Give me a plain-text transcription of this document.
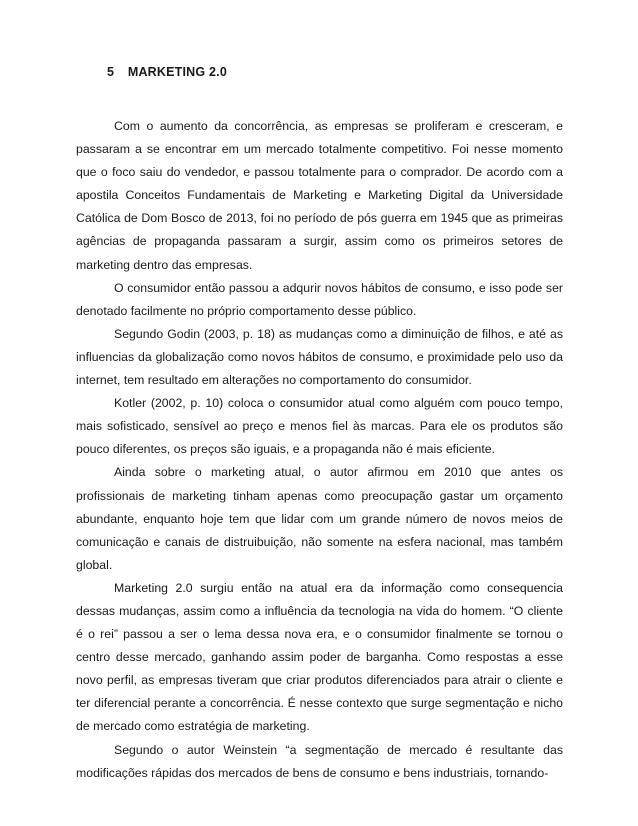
5 MARKETING 2.0

Com o aumento da concorrência, as empresas se proliferam e cresceram, e passaram a se encontrar em um mercado totalmente competitivo. Foi nesse momento que o foco saiu do vendedor, e passou totalmente para o comprador. De acordo com a apostila Conceitos Fundamentais de Marketing e Marketing Digital da Universidade Católica de Dom Bosco de 2013, foi no período de pós guerra em 1945 que as primeiras agências de propaganda passaram a surgir, assim como os primeiros setores de marketing dentro das empresas.

O consumidor então passou a adqurir novos hábitos de consumo, e isso pode ser denotado facilmente no próprio comportamento desse público.

Segundo Godin (2003, p. 18) as mudanças como a diminuição de filhos, e até as influencias da globalização como novos hábitos de consumo, e proximidade pelo uso da internet, tem resultado em alterações no comportamento do consumidor.

Kotler (2002, p. 10) coloca o consumidor atual como alguém com pouco tempo, mais sofisticado, sensível ao preço e menos fiel às marcas. Para ele os produtos são pouco diferentes, os preços são iguais, e a propaganda não é mais eficiente.

Ainda sobre o marketing atual, o autor afirmou em 2010 que antes os profissionais de marketing tinham apenas como preocupação gastar um orçamento abundante, enquanto hoje tem que lidar com um grande número de novos meios de comunicação e canais de distruibuição, não somente na esfera nacional, mas também global.

Marketing 2.0 surgiu então na atual era da informação como consequencia dessas mudanças, assim como a influência da tecnologia na vida do homem. “O cliente é o rei” passou a ser o lema dessa nova era, e o consumidor finalmente se tornou o centro desse mercado, ganhando assim poder de barganha. Como respostas a esse novo perfil, as empresas tiveram que criar produtos diferenciados para atrair o cliente e ter diferencial perante a concorrência. É nesse contexto que surge segmentação e nicho de mercado como estratégia de marketing.

Segundo o autor Weinstein “a segmentação de mercado é resultante das modificações rápidas dos mercados de bens de consumo e bens industriais, tornando-
